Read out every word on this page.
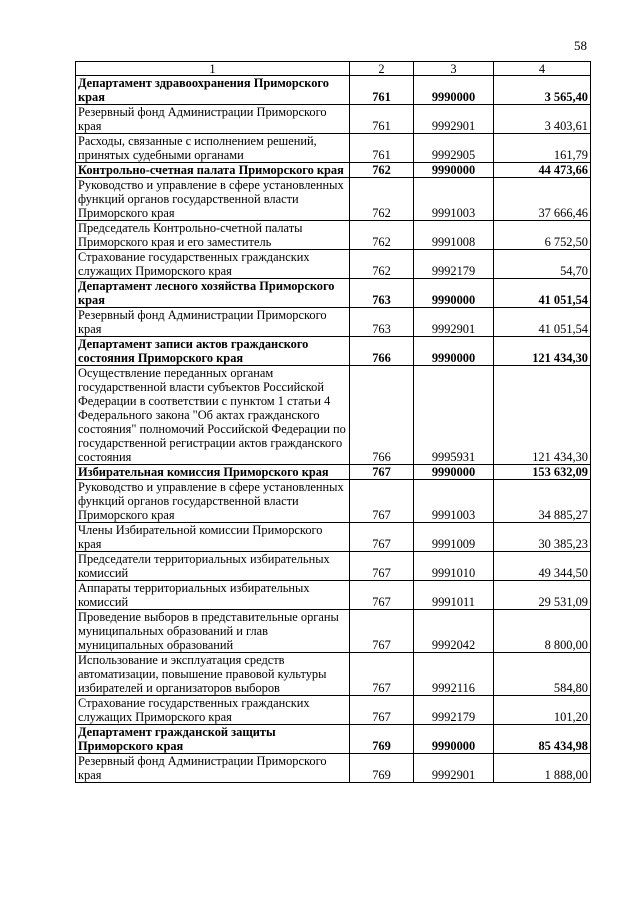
58
1	2	3	4
Департамент здравоохранения Приморского края	761	9990000	3 565,40
Резервный фонд Администрации Приморского края	761	9992901	3 403,61
Расходы, связанные с исполнением решений, принятых судебными органами	761	9992905	161,79
Контрольно-счетная палата Приморского края	762	9990000	44 473,66
Руководство и управление в сфере установленных функций органов государственной власти Приморского края	762	9991003	37 666,46
Председатель Контрольно-счетной палаты Приморского края и его заместитель	762	9991008	6 752,50
Страхование государственных гражданских служащих Приморского края	762	9992179	54,70
Департамент лесного хозяйства Приморского края	763	9990000	41 051,54
Резервный фонд Администрации Приморского края	763	9992901	41 051,54
Департамент записи актов гражданского состояния Приморского края	766	9990000	121 434,30
Осуществление переданных органам государственной власти субъектов Российской Федерации в соответствии с пунктом 1 статьи 4 Федерального закона "Об актах гражданского состояния" полномочий Российской Федерации по государственной регистрации актов гражданского состояния	766	9995931	121 434,30
Избирательная комиссия Приморского края	767	9990000	153 632,09
Руководство и управление в сфере установленных функций органов государственной власти Приморского края	767	9991003	34 885,27
Члены Избирательной комиссии Приморского края	767	9991009	30 385,23
Председатели территориальных избирательных комиссий	767	9991010	49 344,50
Аппараты территориальных избирательных комиссий	767	9991011	29 531,09
Проведение выборов в представительные органы муниципальных образований и глав муниципальных образований	767	9992042	8 800,00
Использование и эксплуатация средств автоматизации, повышение правовой культуры избирателей и организаторов выборов	767	9992116	584,80
Страхование государственных гражданских служащих Приморского края	767	9992179	101,20
Департамент гражданской защиты Приморского края	769	9990000	85 434,98
Резервный фонд Администрации Приморского края	769	9992901	1 888,00
